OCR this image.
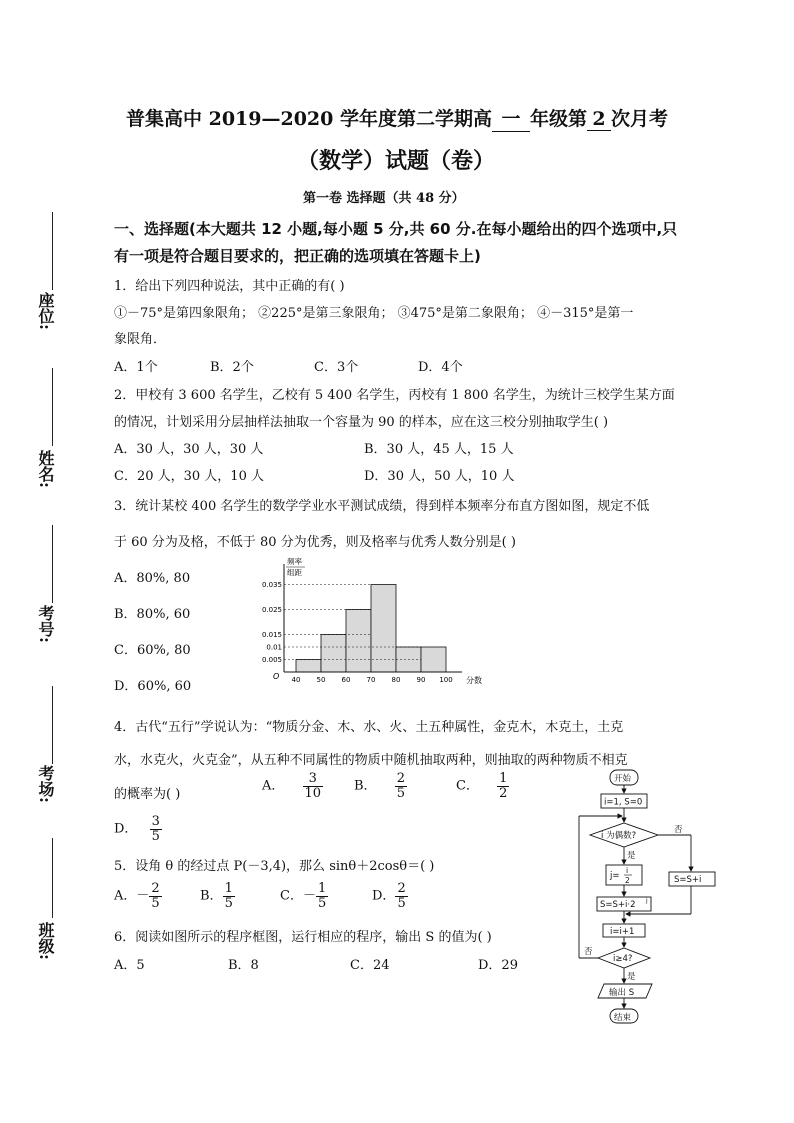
普集高中 2019—2020 学年度第二学期高 一 年级第 2 次月考
（数学）试题（卷）
第一卷 选择题（共 48 分）
座位:
姓名:
考号:
考场:
班级:
一、选择题(本大题共 12 小题,每小题 5 分,共 60 分.在每小题给出的四个选项中,只
有一项是符合题目要求的，把正确的选项填在答题卡上)
1．给出下列四种说法，其中正确的有( )
①－75°是第四象限角； ②225°是第三象限角； ③475°是第二象限角； ④－315°是第一
象限角．
A．1个	B．2个	C．3个	D．4个
2．甲校有 3 600 名学生，乙校有 5 400 名学生，丙校有 1 800 名学生，为统计三校学生某方面
的情况，计划采用分层抽样法抽取一个容量为 90 的样本，应在这三校分别抽取学生( )
A．30 人，30 人，30 人	B．30 人，45 人，15 人
C．20 人，30 人，10 人	D．30 人，50 人，10 人
3．统计某校 400 名学生的数学学业水平测试成绩，得到样本频率分布直方图如图，规定不低
于 60 分为及格，不低于 80 分为优秀，则及格率与优秀人数分别是( )
A．80%, 80
B．80%, 60
C．60%, 80
D．60%, 60
0.005
0.01
0.015
0.025
0.035
40 50 60 70 80 90 100
频率
组距
分数
O
4．古代“五行”学说认为：“物质分金、木、水、火、土五种属性，金克木，木克土，土克
水，水克火，火克金”，从五种不同属性的物质中随机抽取两种，则抽取的两种物质不相克
的概率为( )
A． $\frac{3}{10}$ B． $\frac{2}{5}$	C． $\frac{1}{2}$
D． $\frac{3}{5}$
5．设角 θ 的经过点 P(－3,4)，那么 sinθ＋2cosθ＝( )
A．－ $\frac{2}{5}$	B． $\frac{1}{5}$	C．－ $\frac{1}{5}$	D． $\frac{2}{5}$
6．阅读如图所示的程序框图，运行相应的程序，输出 S 的值为( )
A．5	B．8	C．24	D．29
开始
i=1, S=0
i 为偶数?
是
否
j=
i
2	S=S+i
S=S+i·2 j
i=i+1
i≥4?
否
是
输出 S
结束
